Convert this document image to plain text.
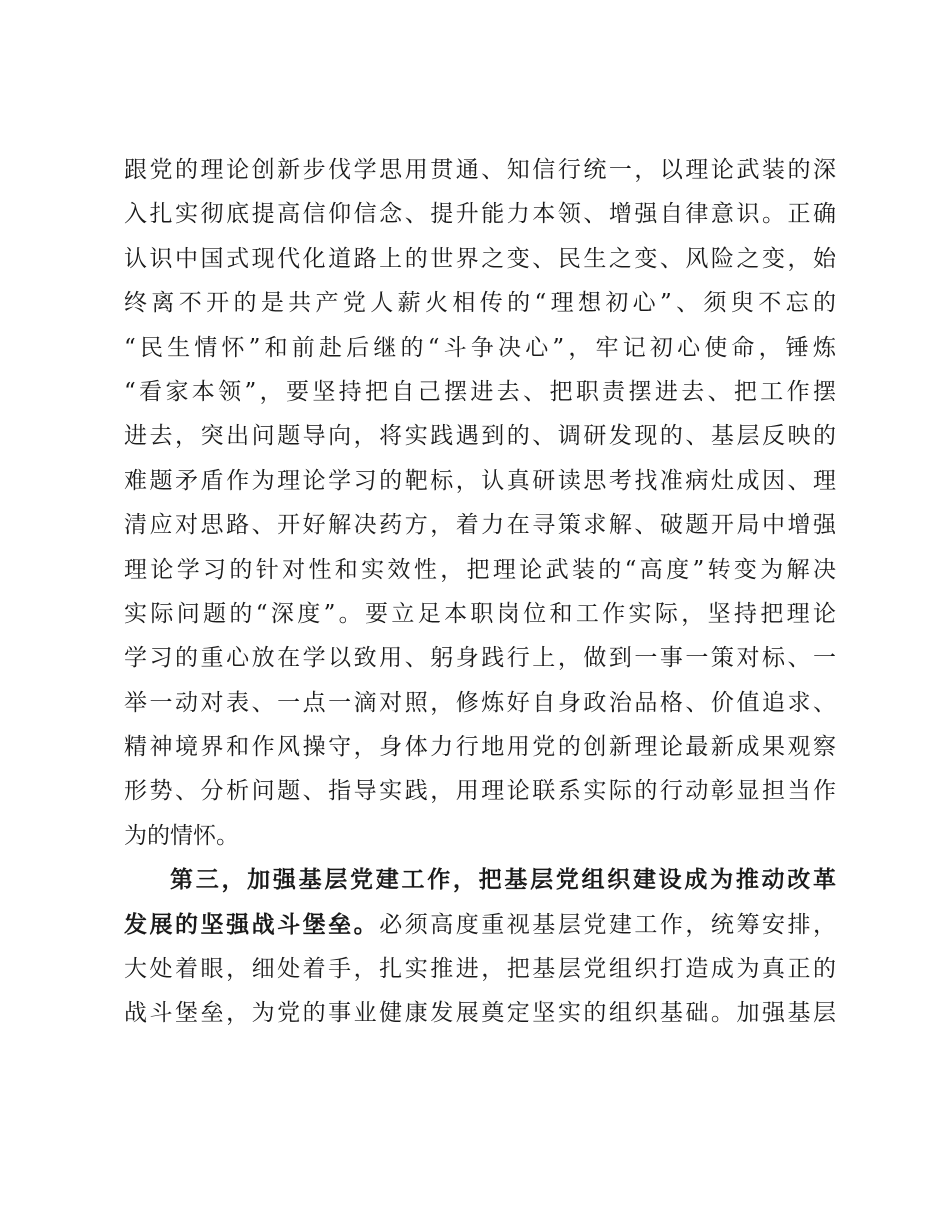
跟党的理论创新步伐学思用贯通、知信行统一，以理论武装的深
入扎实彻底提高信仰信念、提升能力本领、增强自律意识。正确
认识中国式现代化道路上的世界之变、民生之变、风险之变，始
终离不开的是共产党人薪火相传的“理想初心”、须臾不忘的
“民生情怀”和前赴后继的“斗争决心”，牢记初心使命，锤炼
“看家本领”，要坚持把自己摆进去、把职责摆进去、把工作摆
进去，突出问题导向，将实践遇到的、调研发现的、基层反映的
难题矛盾作为理论学习的靶标，认真研读思考找准病灶成因、理
清应对思路、开好解决药方，着力在寻策求解、破题开局中增强
理论学习的针对性和实效性，把理论武装的“高度”转变为解决
实际问题的“深度”。要立足本职岗位和工作实际，坚持把理论
学习的重心放在学以致用、躬身践行上，做到一事一策对标、一
举一动对表、一点一滴对照，修炼好自身政治品格、价值追求、
精神境界和作风操守，身体力行地用党的创新理论最新成果观察
形势、分析问题、指导实践，用理论联系实际的行动彰显担当作
为的情怀。
第三，加强基层党建工作，把基层党组织建设成为推动改革
发展的坚强战斗堡垒。必须高度重视基层党建工作，统筹安排，
大处着眼，细处着手，扎实推进，把基层党组织打造成为真正的
战斗堡垒，为党的事业健康发展奠定坚实的组织基础。加强基层
